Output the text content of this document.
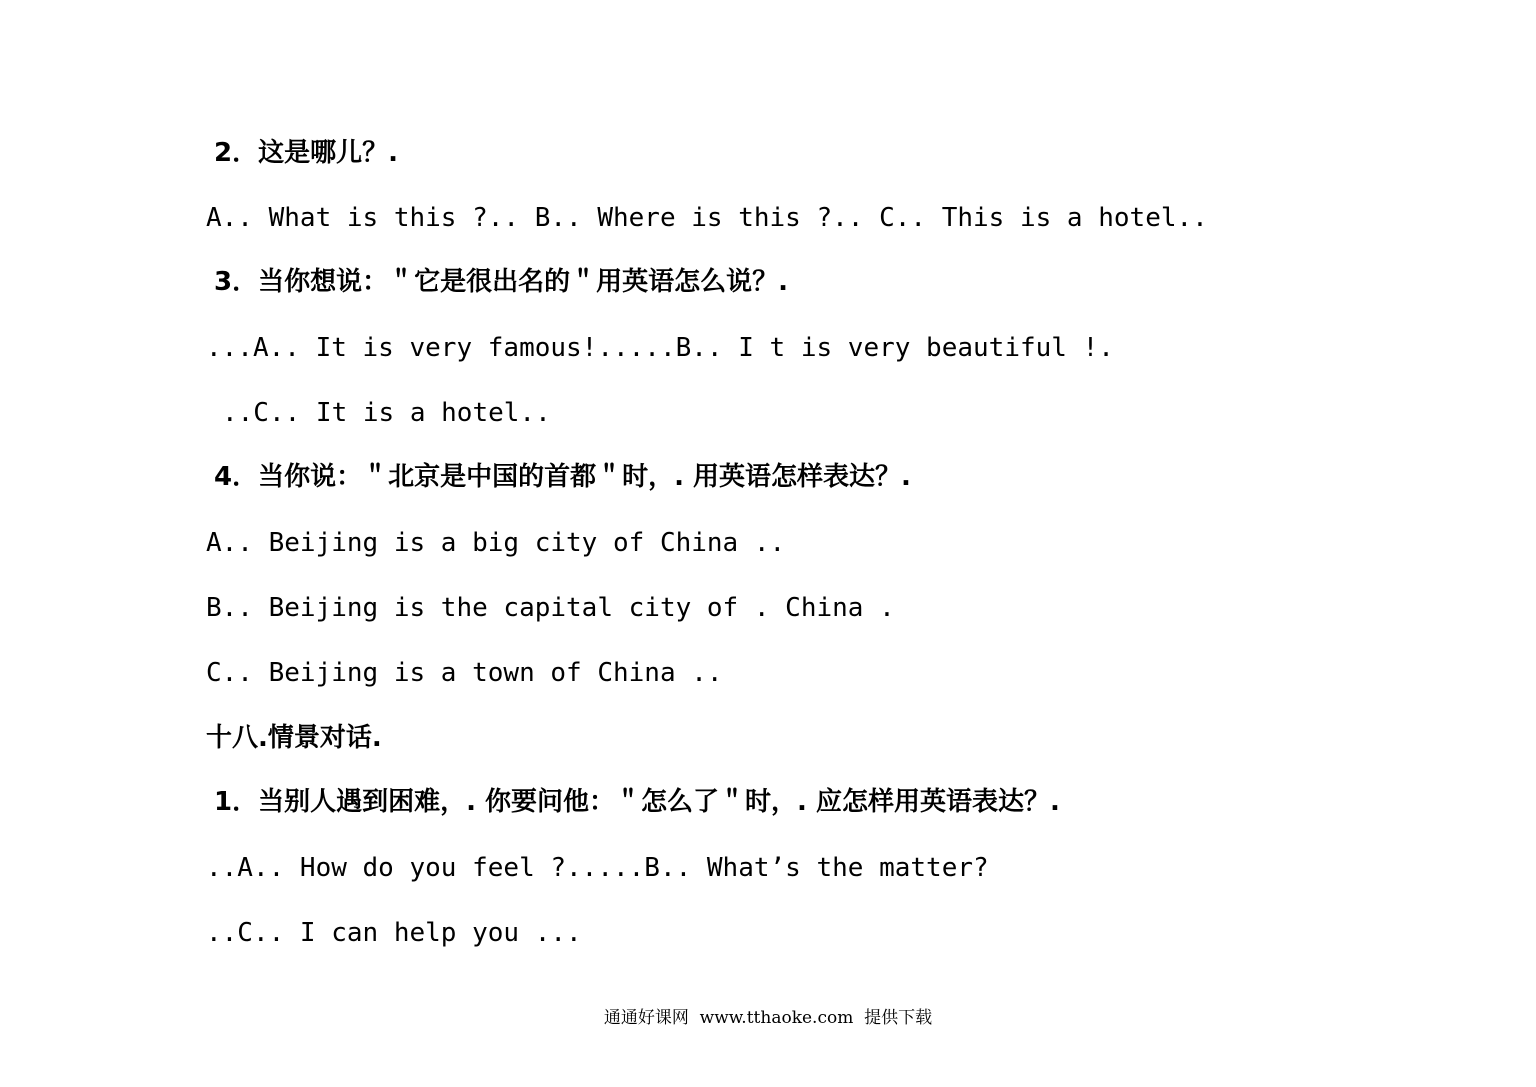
2．这是哪儿？.
A.. What is this ?.. B.. Where is this ?.. C.. This is a hotel..
3．当你想说：＂它是很出名的＂用英语怎么说？.
...A.. It is very famous!.....B.. I t is very beautiful !.
..C.. It is a hotel..
4．当你说：＂北京是中国的首都＂时，. 用英语怎样表达？.
A.. Beijing is a big city of China ..
B.. Beijing is the capital city of . China .
C.. Beijing is a town of China ..
十八.情景对话.
1．当别人遇到困难，. 你要问他：＂怎么了＂时，. 应怎样用英语表达？.
..A.. How do you feel ?.....B.. What’s the matter?
..C.. I can help you ...
通通好课网  www.tthaoke.com  提供下载
